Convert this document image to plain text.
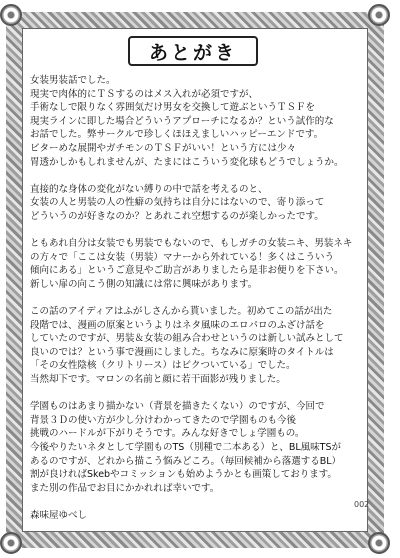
あとがき

女装男装話でした。
現実で肉体的にＴＳするのはメス入れが必須ですが、
手術なしで限りなく雰囲気だけ男女を交換して遊ぶというＴＳＦを
現実ラインに即した場合どういうアプローチになるか？という試作的な
お話でした。弊サークルで珍しくほほえましいハッピーエンドです。
ビターめな展開やガチモンのＴＳＦがいい！という方には少々
胃透かしかもしれませんが、たまにはこういう変化球もどうでしょうか。

直接的な身体の変化がない縛りの中で話を考えるのと、
女装の人と男装の人の性癖の気持ちは自分にはないので、寄り添って
どういうのが好きなのか？とあれこれ空想するのが楽しかったです。

ともあれ自分は女装でも男装でもないので、もしガチの女装ニキ、男装ネキ
の方々で「ここは女装（男装）マナーから外れている！多くはこういう
傾向にある」というご意見やご助言がありましたら是非お便りを下さい。
新しい扉の向こう側の知識には常に興味があります。

この話のアイディアはふがしさんから貰いました。初めてこの話が出た
段階では、漫画の原案というよりはネタ風味のエロパロのふざけ話を
していたのですが、男装＆女装の組み合わせというのは新しい試みとして
良いのでは？という事で漫画にしました。ちなみに原案時のタイトルは
「その女性陰核（クリトリース）はビクついている」でした。
当然却下です。マロンの名前と顔に若干面影が残りました。

学園ものはあまり描かない（背景を描きたくない）のですが、今回で
背景３Ｄの使い方が少し分けわかってきたので学園ものも今後
挑戦のハードルが下がりそうです。みんな好きでしょ学園もの。
今後やりたいネタとして学園ものTS（別種で二本ある）と、BL風味TSが
あるのですが、どれから描こう悩みどころ。（毎回候補から落選するBL）
割が良ければSkebやコミッションも始めようかとも画策しております。
また別の作品でお目にかかれれば幸いです。

森味屋ゆべし
002
